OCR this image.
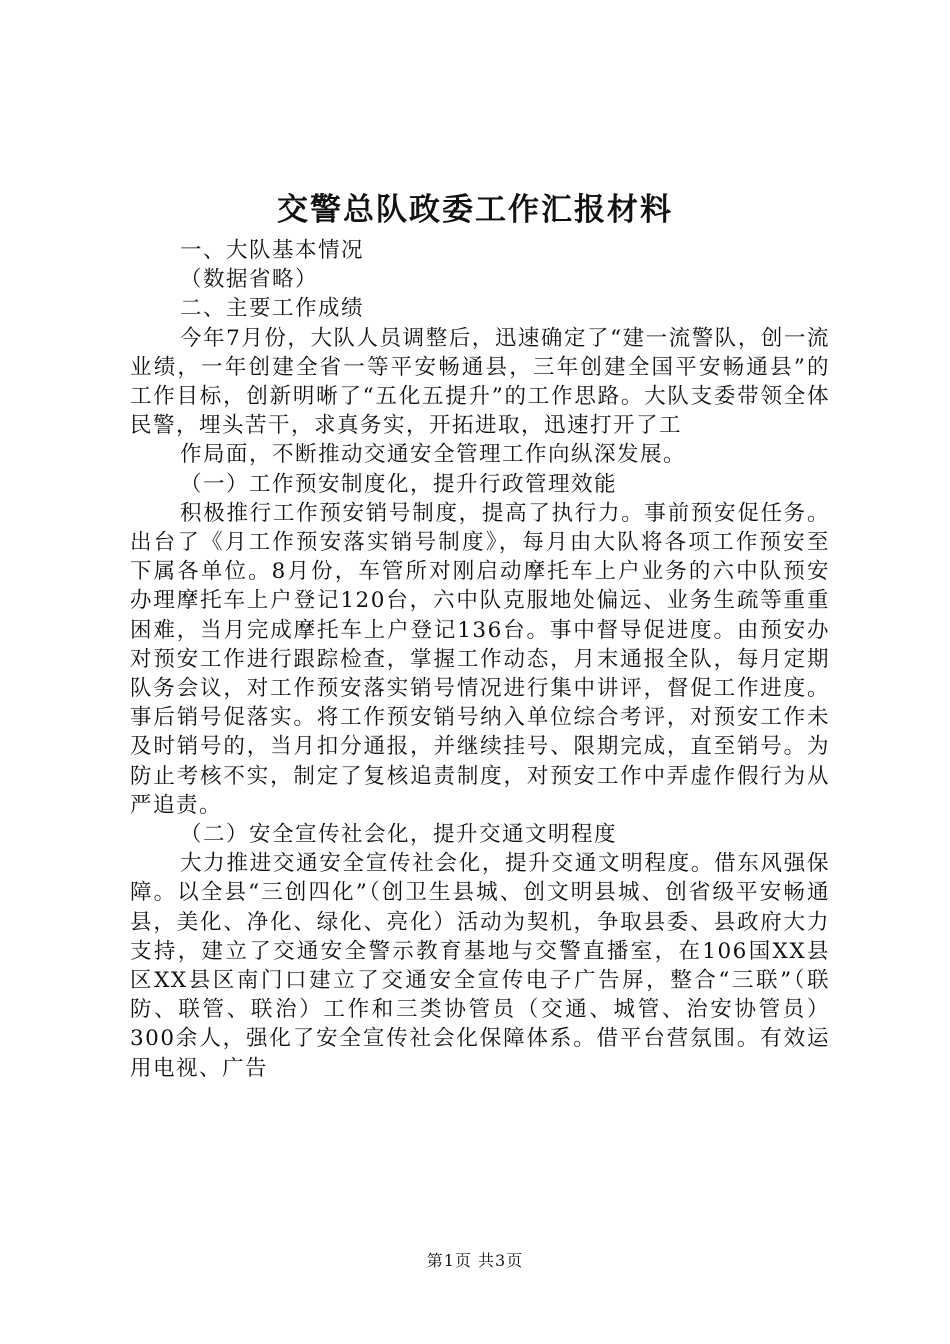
交警总队政委工作汇报材料

一、大队基本情况

（数据省略）

二、主要工作成绩

今年7月份，大队人员调整后，迅速确定了“建一流警队，创一流业绩，一年创建全省一等平安畅通县，三年创建全国平安畅通县”的工作目标，创新明晰了“五化五提升”的工作思路。大队支委带领全体民警，埋头苦干，求真务实，开拓进取，迅速打开了工

作局面，不断推动交通安全管理工作向纵深发展。

（一）工作预安制度化，提升行政管理效能

积极推行工作预安销号制度，提高了执行力。事前预安促任务。出台了《月工作预安落实销号制度》，每月由大队将各项工作预安至下属各单位。8月份，车管所对刚启动摩托车上户业务的六中队预安办理摩托车上户登记120台，六中队克服地处偏远、业务生疏等重重困难，当月完成摩托车上户登记136台。事中督导促进度。由预安办对预安工作进行跟踪检查，掌握工作动态，月末通报全队，每月定期队务会议，对工作预安落实销号情况进行集中讲评，督促工作进度。事后销号促落实。将工作预安销号纳入单位综合考评，对预安工作未及时销号的，当月扣分通报，并继续挂号、限期完成，直至销号。为防止考核不实，制定了复核追责制度，对预安工作中弄虚作假行为从严追责。

（二）安全宣传社会化，提升交通文明程度

大力推进交通安全宣传社会化，提升交通文明程度。借东风强保障。以全县“三创四化”（创卫生县城、创文明县城、创省级平安畅通县，美化、净化、绿化、亮化）活动为契机，争取县委、县政府大力支持，建立了交通安全警示教育基地与交警直播室，在106国XX县区XX县区南门口建立了交通安全宣传电子广告屏，整合“三联”（联防、联管、联治）工作和三类协管员（交通、城管、治安协管员）300余人，强化了安全宣传社会化保障体系。借平台营氛围。有效运用电视、广告

第1页 共3页
